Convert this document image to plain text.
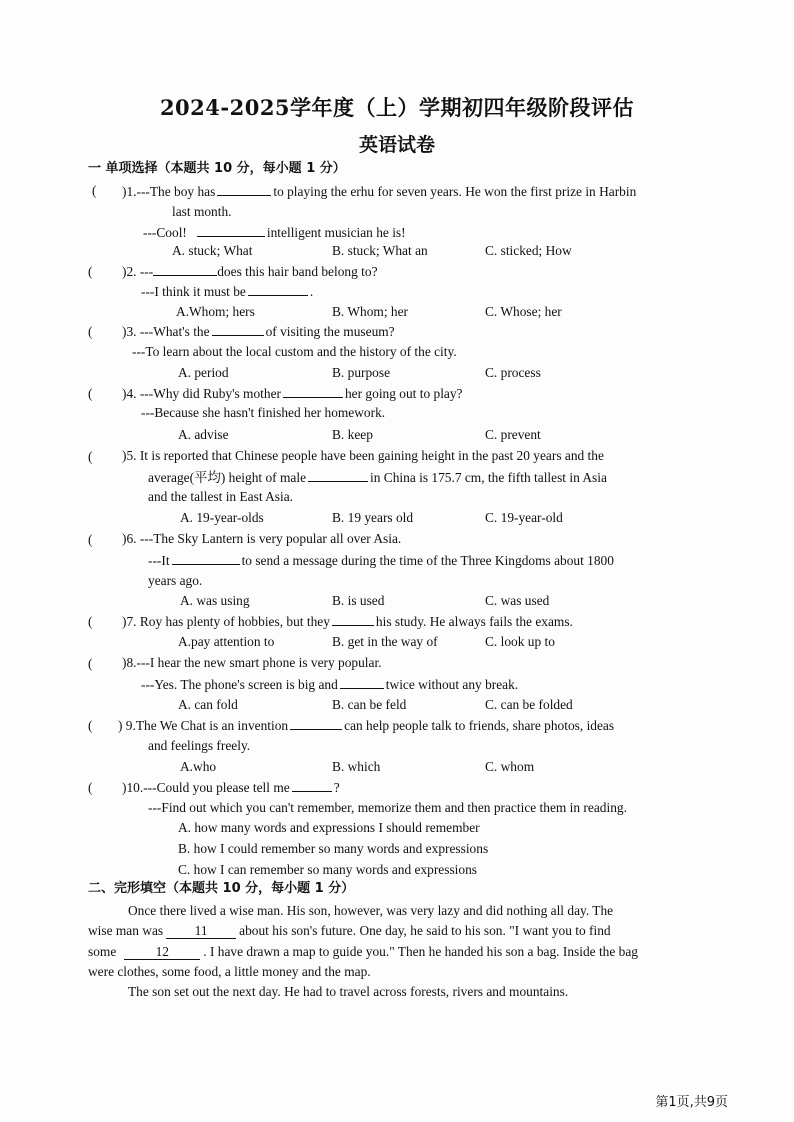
2024-2025学年度（上）学期初四年级阶段评估
英语试卷
一 单项选择（本题共 10 分，每小题 1 分）
( )1.---The boy has	to playing the erhu for seven years. He won the first prize in Harbin
last month.
---Cool!	intelligent musician he is!
A. stuck; What	B. stuck; What an	C. sticked; How
( )2. ---	does this hair band belong to?
---I think it must be	.
A.Whom; hers	B. Whom; her	C. Whose; her
( )3. ---What's the	of visiting the museum?
---To learn about the local custom and the history of the city.
A. period	B. purpose	C. process
( )4. ---Why did Ruby's mother	her going out to play?
---Because she hasn't finished her homework.
A. advise	B. keep	C. prevent
( )5. It is reported that Chinese people have been gaining height in the past 20 years and the
average(平均) height of male	in China is 175.7 cm, the fifth tallest in Asia
and the tallest in East Asia.
A. 19-year-olds	B. 19 years old	C. 19-year-old
( )6. ---The Sky Lantern is very popular all over Asia.
---It	to send a message during the time of the Three Kingdoms about 1800
years ago.
A. was using	B. is used	C. was used
( )7. Roy has plenty of hobbies, but they	his study. He always fails the exams.
A.pay attention to	B. get in the way of	C. look up to
( )8.---I hear the new smart phone is very popular.
---Yes. The phone's screen is big and	twice without any break.
A. can fold	B. can be feld	C. can be folded
( ) 9.The We Chat is an invention	can help people talk to friends, share photos, ideas
and feelings freely.
A.who	B. which	C. whom
( )10.---Could you please tell me	?
---Find out which you can't remember, memorize them and then practice them in reading.
A. how many words and expressions I should remember
B. how I could remember so many words and expressions
C. how I can remember so many words and expressions
二、完形填空（本题共 10 分，每小题 1 分）
Once there lived a wise man. His son, however, was very lazy and did nothing all day. The
wise man was 11 about his son's future. One day, he said to his son. "I want you to find
some	12	. I have drawn a map to guide you." Then he handed his son a bag. Inside the bag
were clothes, some food, a little money and the map.
The son set out the next day. He had to travel across forests, rivers and mountains.
第1页,共9页
